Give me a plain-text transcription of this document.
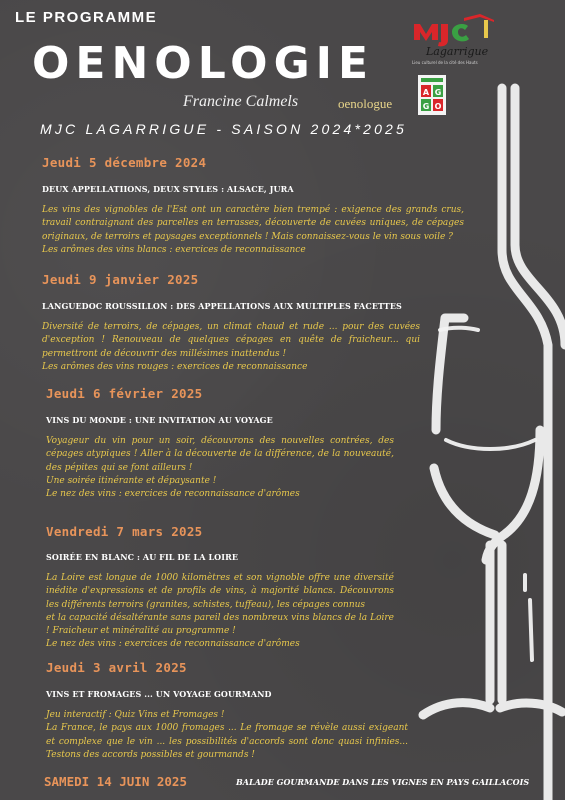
LE PROGRAMME
OENOLOGIE
Francine Calmels	oenologue
MJC LAGARRIGUE - SAISON 2024*2025
Lagarrigue
Lieu culturel de la cité des Hauts
A G
G O
Jeudi 5 décembre 2024
DEUX APPELLATIIONS, DEUX STYLES : ALSACE, JURA

Les vins des vignobles de l'Est ont un caractère bien trempé : exigence des grands crus, travail contraignant des parcelles en terrasses, découverte de cuvées uniques, de cépages originaux, de terroirs et paysages exceptionnels ! Mais connaissez-vous le vin sous voile ?

Les arômes des vins blancs : exercices de reconnaissance

Jeudi 9 janvier 2025
LANGUEDOC ROUSSILLON : DES APPELLATIONS AUX MULTIPLES FACETTES

Diversité de terroirs, de cépages, un climat chaud et rude ... pour des cuvées d'exception ! Renouveau de quelques cépages en quête de fraicheur... qui permettront de découvrir des millésimes inattendus !

Les arômes des vins rouges : exercices de reconnaissance

Jeudi 6 février 2025
VINS DU MONDE : UNE INVITATION AU VOYAGE

Voyageur du vin pour un soir, découvrons des nouvelles contrées, des cépages atypiques ! Aller à la découverte de la différence, de la nouveauté, des pépites qui se font ailleurs !

Une soirée itinérante et dépaysante !

Le nez des vins : exercices de reconnaissance d'arômes

Vendredi 7 mars 2025
SOIRÉE EN BLANC : AU FIL DE LA LOIRE

La Loire est longue de 1000 kilomètres et son vignoble offre une diversité inédite d'expressions et de profils de vins, à majorité blancs. Découvrons les différents terroirs (granites, schistes, tuffeau), les cépages connus

et la capacité désaltérante sans pareil des nombreux vins blancs de la Loire ! Fraicheur et minéralité au programme !

Le nez des vins : exercices de reconnaissance d'arômes

Jeudi 3 avril 2025
VINS ET FROMAGES ... UN VOYAGE GOURMAND

Jeu interactif : Quiz Vins et Fromages !

La France, le pays aux 1000 fromages ... Le fromage se révèle aussi exigeant et complexe que le vin ... les possibilités d'accords sont donc quasi infinies... Testons des accords possibles et gourmands !

SAMEDI 14 JUIN 2025	BALADE GOURMANDE DANS LES VIGNES EN PAYS GAILLACOIS
